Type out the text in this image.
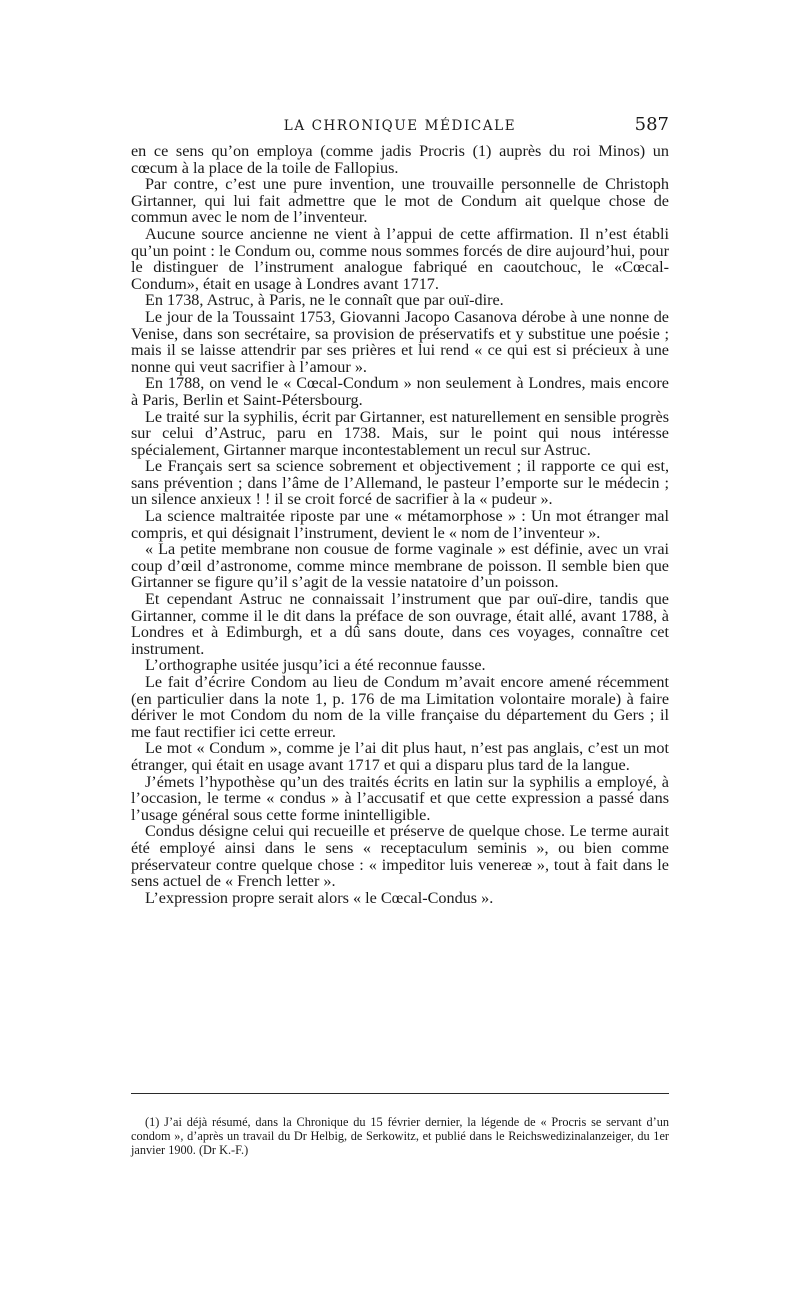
LA CHRONIQUE MÉDICALE	587

en ce sens qu’on employa (comme jadis Procris (1) auprès du roi Minos) un cœcum à la place de la toile de Fallopius.

Par contre, c’est une pure invention, une trouvaille personnelle de Christoph Girtanner, qui lui fait admettre que le mot de Condum ait quelque chose de commun avec le nom de l’inventeur.

Aucune source ancienne ne vient à l’appui de cette affirmation. Il n’est établi qu’un point : le Condum ou, comme nous sommes forcés de dire aujourd’hui, pour le distinguer de l’instrument analogue fabriqué en caoutchouc, le «Cœcal-Condum», était en usage à Londres avant 1717.

En 1738, Astruc, à Paris, ne le connaît que par ouï-dire.

Le jour de la Toussaint 1753, Giovanni Jacopo Casanova dérobe à une nonne de Venise, dans son secrétaire, sa provision de préservatifs et y substitue une poésie ; mais il se laisse attendrir par ses prières et lui rend « ce qui est si précieux à une nonne qui veut sacrifier à l’amour ».

En 1788, on vend le « Cœcal-Condum » non seulement à Londres, mais encore à Paris, Berlin et Saint-Pétersbourg.

Le traité sur la syphilis, écrit par Girtanner, est naturellement en sensible progrès sur celui d’Astruc, paru en 1738. Mais, sur le point qui nous intéresse spécialement, Girtanner marque incontestablement un recul sur Astruc.

Le Français sert sa science sobrement et objectivement ; il rapporte ce qui est, sans prévention ; dans l’âme de l’Allemand, le pasteur l’emporte sur le médecin ; un silence anxieux ! ! il se croit forcé de sacrifier à la « pudeur ».

La science maltraitée riposte par une « métamorphose » : Un mot étranger mal compris, et qui désignait l’instrument, devient le « nom de l’inventeur ».

« La petite membrane non cousue de forme vaginale » est définie, avec un vrai coup d’œil d’astronome, comme mince membrane de poisson. Il semble bien que Girtanner se figure qu’il s’agit de la vessie natatoire d’un poisson.

Et cependant Astruc ne connaissait l’instrument que par ouï-dire, tandis que Girtanner, comme il le dit dans la préface de son ouvrage, était allé, avant 1788, à Londres et à Edimburgh, et a dû sans doute, dans ces voyages, connaître cet instrument.

L’orthographe usitée jusqu’ici a été reconnue fausse.

Le fait d’écrire Condom au lieu de Condum m’avait encore amené récemment (en particulier dans la note 1, p. 176 de ma Limitation volontaire morale) à faire dériver le mot Condom du nom de la ville française du département du Gers ; il me faut rectifier ici cette erreur.

Le mot « Condum », comme je l’ai dit plus haut, n’est pas anglais, c’est un mot étranger, qui était en usage avant 1717 et qui a disparu plus tard de la langue.

J’émets l’hypothèse qu’un des traités écrits en latin sur la syphilis a employé, à l’occasion, le terme « condus » à l’accusatif et que cette expression a passé dans l’usage général sous cette forme inintelligible.

Condus désigne celui qui recueille et préserve de quelque chose. Le terme aurait été employé ainsi dans le sens « receptaculum seminis », ou bien comme préservateur contre quelque chose : « impeditor luis venereæ », tout à fait dans le sens actuel de « French letter ».

L’expression propre serait alors « le Cœcal-Condus ».

(1) J’ai déjà résumé, dans la Chronique du 15 février dernier, la légende de « Procris se servant d’un condom », d’après un travail du Dr Helbig, de Serkowitz, et publié dans le Reichswedizinalanzeiger, du 1er janvier 1900. (Dr K.-F.)
